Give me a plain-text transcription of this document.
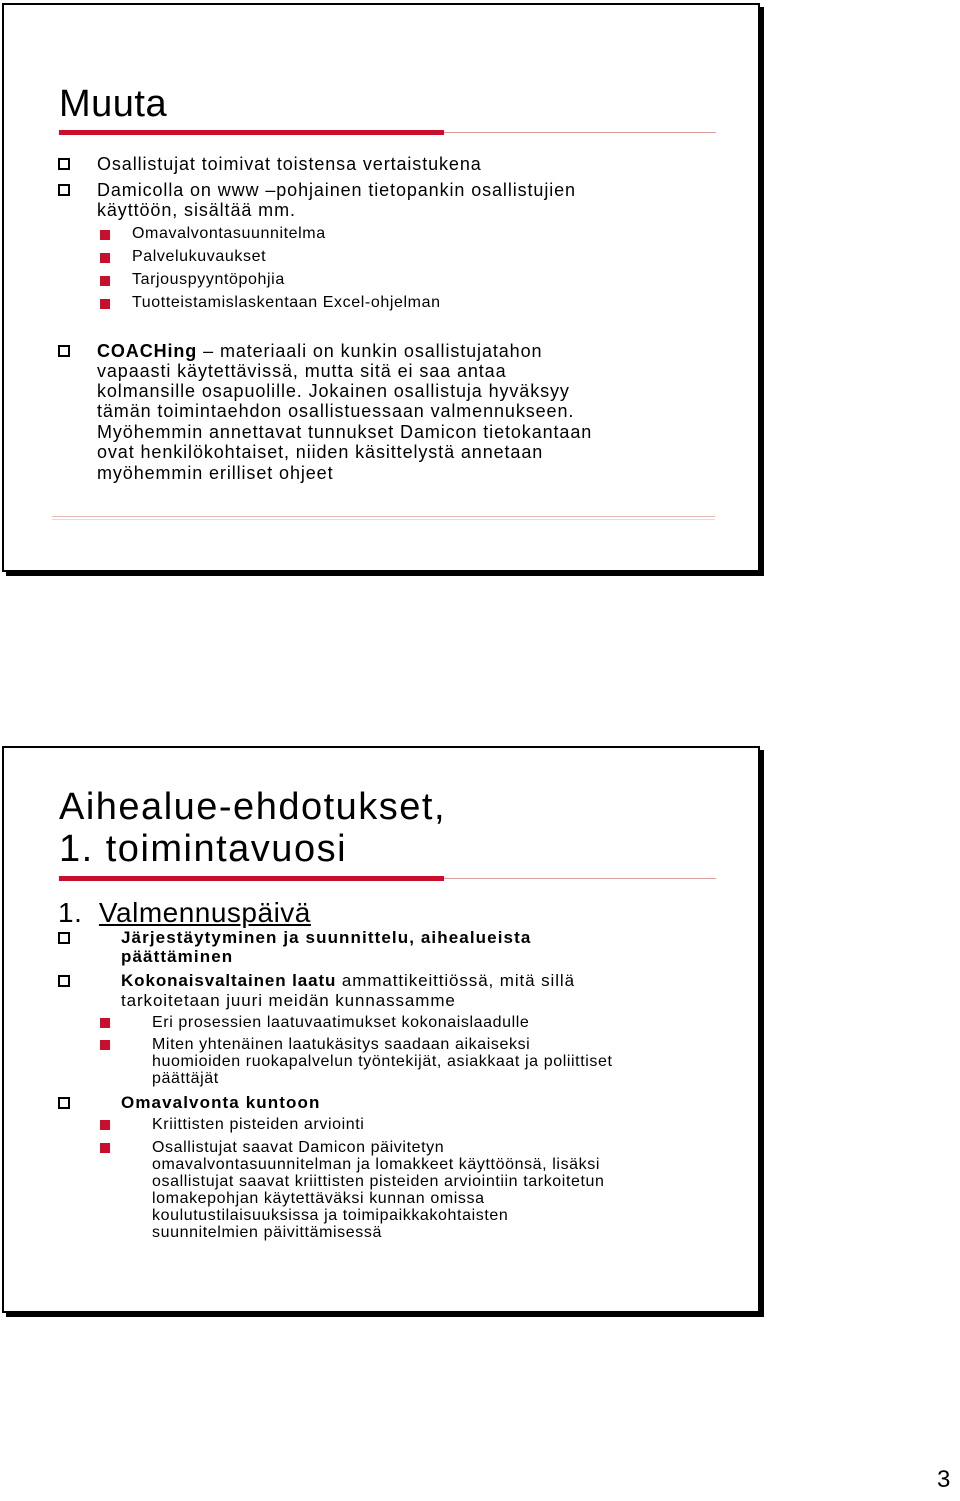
Muuta
Osallistujat toimivat toistensa vertaistukena
Damicolla on www –pohjainen tietopankin osallistujien
käyttöön, sisältää mm.
Omavalvontasuunnitelma
Palvelukuvaukset
Tarjouspyyntöpohjia
Tuotteistamislaskentaan Excel-ohjelman
COACHing – materiaali on kunkin osallistujatahon
vapaasti käytettävissä, mutta sitä ei saa antaa
kolmansille osapuolille. Jokainen osallistuja hyväksyy
tämän toimintaehdon osallistuessaan valmennukseen.
Myöhemmin annettavat tunnukset Damicon tietokantaan
ovat henkilökohtaiset, niiden käsittelystä annetaan
myöhemmin erilliset ohjeet
Aihealue-ehdotukset,
1. toimintavuosi
1. Valmennuspäivä
Järjestäytyminen ja suunnittelu, aihealueista
päättäminen
Kokonaisvaltainen laatu ammattikeittiössä, mitä sillä
tarkoitetaan juuri meidän kunnassamme
Eri prosessien laatuvaatimukset kokonaislaadulle
Miten yhtenäinen laatukäsitys saadaan aikaiseksi
huomioiden ruokapalvelun työntekijät, asiakkaat ja poliittiset
päättäjät
Omavalvonta kuntoon
Kriittisten pisteiden arviointi
Osallistujat saavat Damicon päivitetyn
omavalvontasuunnitelman ja lomakkeet käyttöönsä, lisäksi
osallistujat saavat kriittisten pisteiden arviointiin tarkoitetun
lomakepohjan käytettäväksi kunnan omissa
koulutustilaisuuksissa ja toimipaikkakohtaisten
suunnitelmien päivittämisessä
3
